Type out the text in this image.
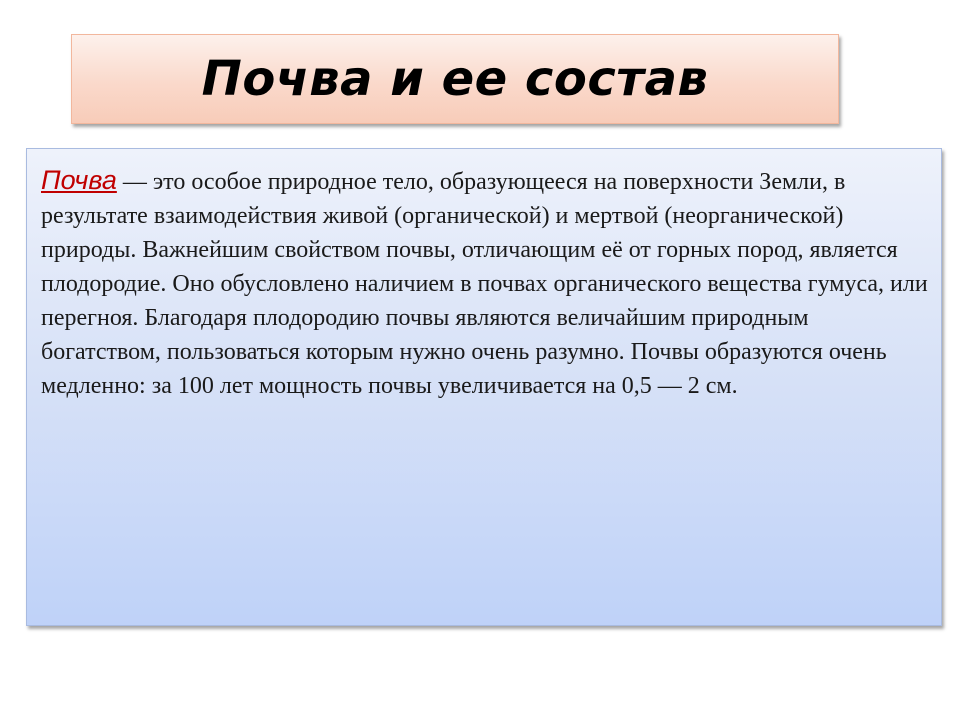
Почва и ее состав

Почва — это особое природное тело, образующееся на поверхности Земли, в результате взаимодействия живой (органической) и мертвой (неорганической) природы. Важнейшим свойством почвы, отличающим её от горных пород, является плодородие. Оно обусловлено наличием в почвах органического вещества гумуса, или перегноя. Благодаря плодородию почвы являются величайшим природным богатством, пользоваться которым нужно очень разумно. Почвы образуются очень медленно: за 100 лет мощность почвы увеличивается на 0,5 — 2 см.
